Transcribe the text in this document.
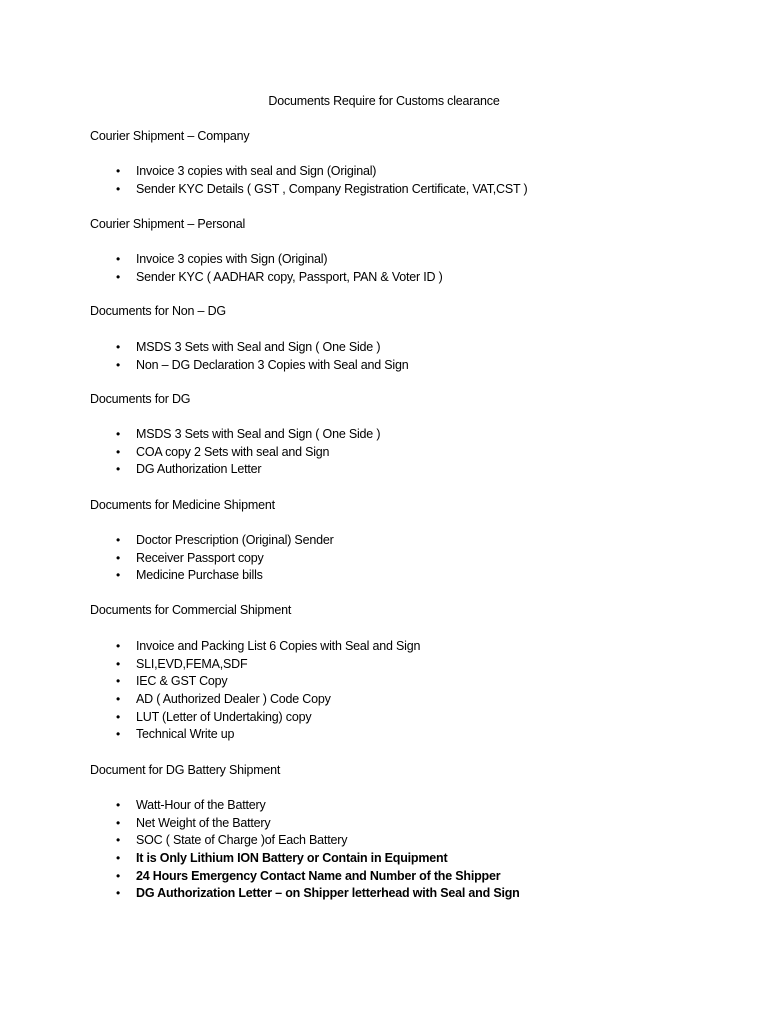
Documents Require for Customs clearance
Courier Shipment – Company
• Invoice 3 copies with seal and Sign (Original)
• Sender KYC Details ( GST , Company Registration Certificate, VAT,CST )
Courier Shipment – Personal
• Invoice 3 copies with Sign (Original)
• Sender KYC ( AADHAR copy, Passport, PAN & Voter ID )
Documents for Non – DG
• MSDS 3 Sets with Seal and Sign ( One Side )
• Non – DG Declaration 3 Copies with Seal and Sign
Documents for DG
• MSDS 3 Sets with Seal and Sign ( One Side )
• COA copy 2 Sets with seal and Sign
• DG Authorization Letter
Documents for Medicine Shipment
• Doctor Prescription (Original) Sender
• Receiver Passport copy
• Medicine Purchase bills
Documents for Commercial Shipment
• Invoice and Packing List 6 Copies with Seal and Sign
• SLI,EVD,FEMA,SDF
• IEC & GST Copy
• AD ( Authorized Dealer ) Code Copy
• LUT (Letter of Undertaking) copy
• Technical Write up
Document for DG Battery Shipment
• Watt-Hour of the Battery
• Net Weight of the Battery
• SOC ( State of Charge )of Each Battery
• It is Only Lithium ION Battery or Contain in Equipment
• 24 Hours Emergency Contact Name and Number of the Shipper
• DG Authorization Letter – on Shipper letterhead with Seal and Sign
